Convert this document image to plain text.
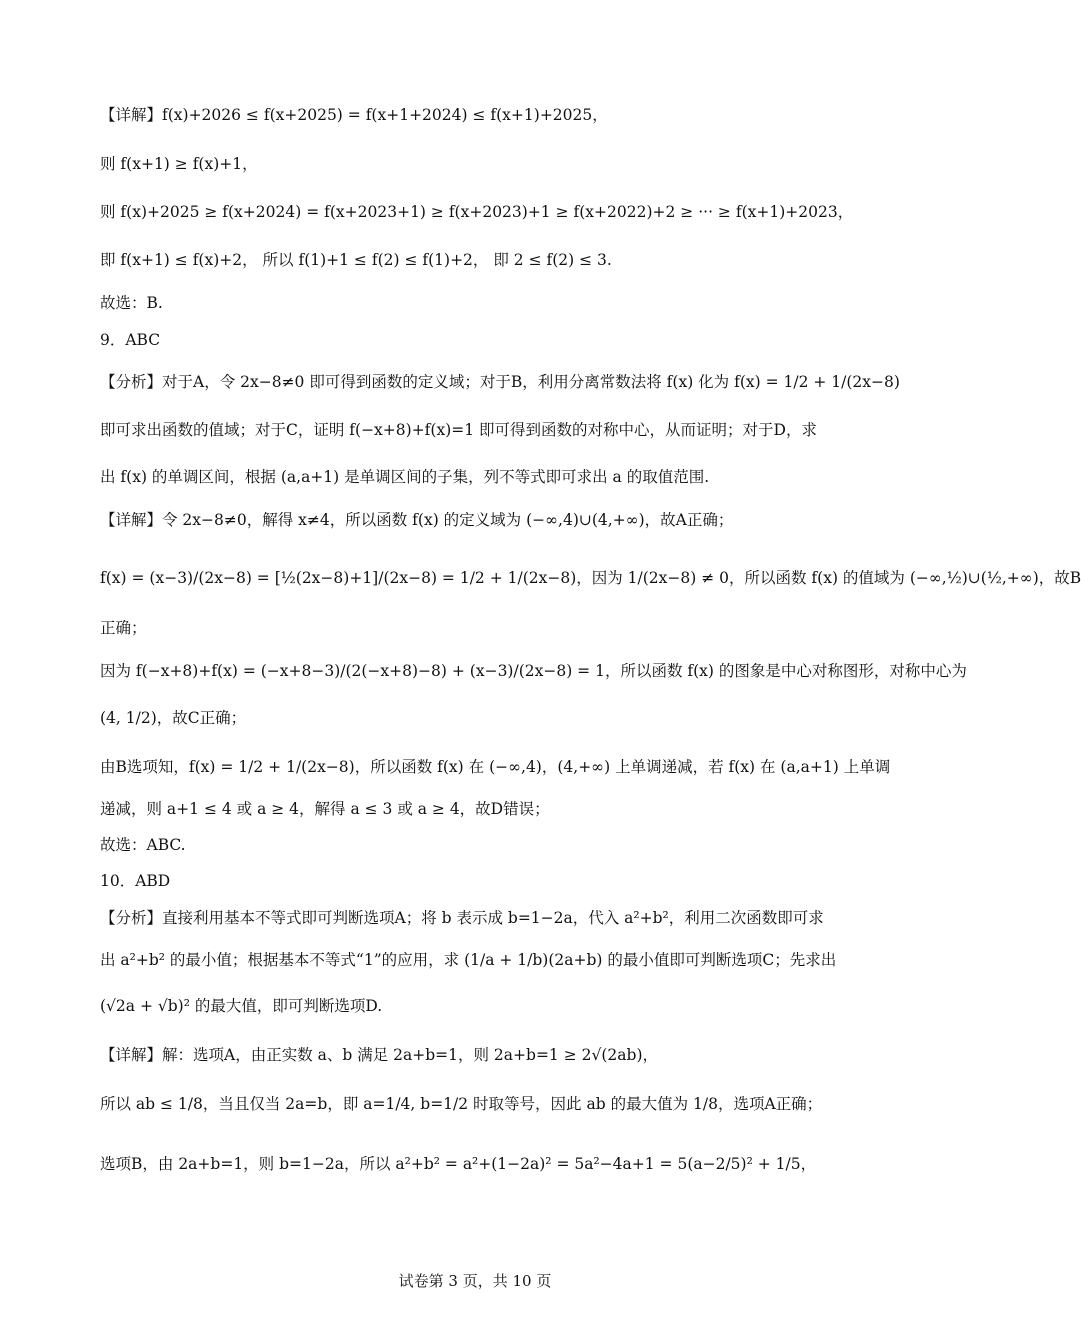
【详解】f(x)+2026 ≤ f(x+2025) = f(x+1+2024) ≤ f(x+1)+2025，
则 f(x+1) ≥ f(x)+1，
则 f(x)+2025 ≥ f(x+2024) = f(x+2023+1) ≥ f(x+2023)+1 ≥ f(x+2022)+2 ≥ ··· ≥ f(x+1)+2023，
即 f(x+1) ≤ f(x)+2， 所以 f(1)+1 ≤ f(2) ≤ f(1)+2， 即 2 ≤ f(2) ≤ 3.
故选：B.
9．ABC
【分析】对于A，令 2x−8≠0 即可得到函数的定义域；对于B，利用分离常数法将 f(x) 化为 f(x) = 1/2 + 1/(2x−8)
即可求出函数的值域；对于C，证明 f(−x+8)+f(x)=1 即可得到函数的对称中心，从而证明；对于D，求
出 f(x) 的单调区间，根据 (a,a+1) 是单调区间的子集，列不等式即可求出 a 的取值范围.
【详解】令 2x−8≠0，解得 x≠4，所以函数 f(x) 的定义域为 (−∞,4)∪(4,+∞)，故A正确；
f(x) = (x−3)/(2x−8) = [½(2x−8)+1]/(2x−8) = 1/2 + 1/(2x−8)，因为 1/(2x−8) ≠ 0，所以函数 f(x) 的值域为 (−∞,½)∪(½,+∞)，故B
正确；
因为 f(−x+8)+f(x) = (−x+8−3)/(2(−x+8)−8) + (x−3)/(2x−8) = 1，所以函数 f(x) 的图象是中心对称图形，对称中心为
(4, 1/2)，故C正确；
由B选项知，f(x) = 1/2 + 1/(2x−8)，所以函数 f(x) 在 (−∞,4)，(4,+∞) 上单调递减，若 f(x) 在 (a,a+1) 上单调
递减，则 a+1 ≤ 4 或 a ≥ 4，解得 a ≤ 3 或 a ≥ 4，故D错误；
故选：ABC.
10．ABD
【分析】直接利用基本不等式即可判断选项A；将 b 表示成 b=1−2a，代入 a²+b²，利用二次函数即可求
出 a²+b² 的最小值；根据基本不等式“1”的应用，求 (1/a + 1/b)(2a+b) 的最小值即可判断选项C；先求出
(√2a + √b)² 的最大值，即可判断选项D.
【详解】解：选项A，由正实数 a、b 满足 2a+b=1，则 2a+b=1 ≥ 2√(2ab)，
所以 ab ≤ 1/8，当且仅当 2a=b，即 a=1/4, b=1/2 时取等号，因此 ab 的最大值为 1/8，选项A正确；
选项B，由 2a+b=1，则 b=1−2a，所以 a²+b² = a²+(1−2a)² = 5a²−4a+1 = 5(a−2/5)² + 1/5，
试卷第 3 页，共 10 页
